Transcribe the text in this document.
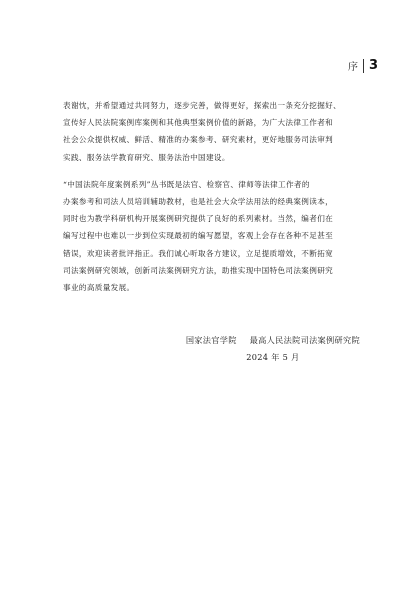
序 3

表谢忱，并希望通过共同努力，逐步完善，做得更好，探索出一条充分挖掘好、

宣传好人民法院案例库案例和其他典型案例价值的新路，为广大法律工作者和

社会公众提供权威、鲜活、精准的办案参考、研究素材，更好地服务司法审判

实践、服务法学教育研究、服务法治中国建设。

“中国法院年度案例系列”丛书既是法官、检察官、律师等法律工作者的

办案参考和司法人员培训辅助教材，也是社会大众学法用法的经典案例读本，

同时也为教学科研机构开展案例研究提供了良好的系列素材。当然，编者们在

编写过程中也难以一步到位实现最初的编写愿望，客观上会存在各种不足甚至

错误，欢迎读者批评指正。我们诚心听取各方建议，立足提质增效，不断拓宽

司法案例研究领域，创新司法案例研究方法，助推实现中国特色司法案例研究

事业的高质量发展。

国家法官学院 最高人民法院司法案例研究院
2024 年 5 月
